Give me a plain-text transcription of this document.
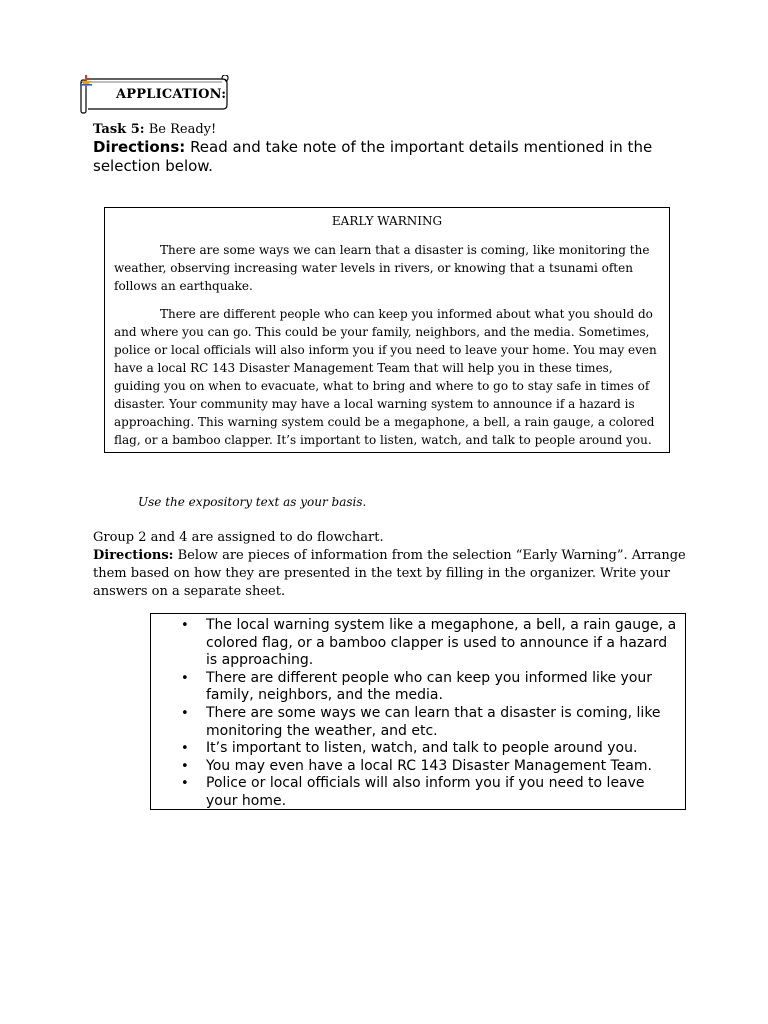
APPLICATION:
Task 5: Be Ready!
Directions: Read and take note of the important details mentioned in the selection below.

EARLY WARNING

There are some ways we can learn that a disaster is coming, like monitoring the weather, observing increasing water levels in rivers, or knowing that a tsunami often follows an earthquake.

There are different people who can keep you informed about what you should do and where you can go. This could be your family, neighbors, and the media. Sometimes, police or local officials will also inform you if you need to leave your home. You may even have a local RC 143 Disaster Management Team that will help you in these times, guiding you on when to evacuate, what to bring and where to go to stay safe in times of disaster. Your community may have a local warning system to announce if a hazard is approaching. This warning system could be a megaphone, a bell, a rain gauge, a colored flag, or a bamboo clapper. It’s important to listen, watch, and talk to people around you.

Use the expository text as your basis.

Group 2 and 4 are assigned to do flowchart.

Directions: Below are pieces of information from the selection “Early Warning”. Arrange them based on how they are presented in the text by filling in the organizer. Write your answers on a separate sheet.

• The local warning system like a megaphone, a bell, a rain gauge, a colored flag, or a bamboo clapper is used to announce if a hazard is approaching.
• There are different people who can keep you informed like your family, neighbors, and the media.
• There are some ways we can learn that a disaster is coming, like monitoring the weather, and etc.
• It’s important to listen, watch, and talk to people around you.
• You may even have a local RC 143 Disaster Management Team.
• Police or local officials will also inform you if you need to leave your home.
